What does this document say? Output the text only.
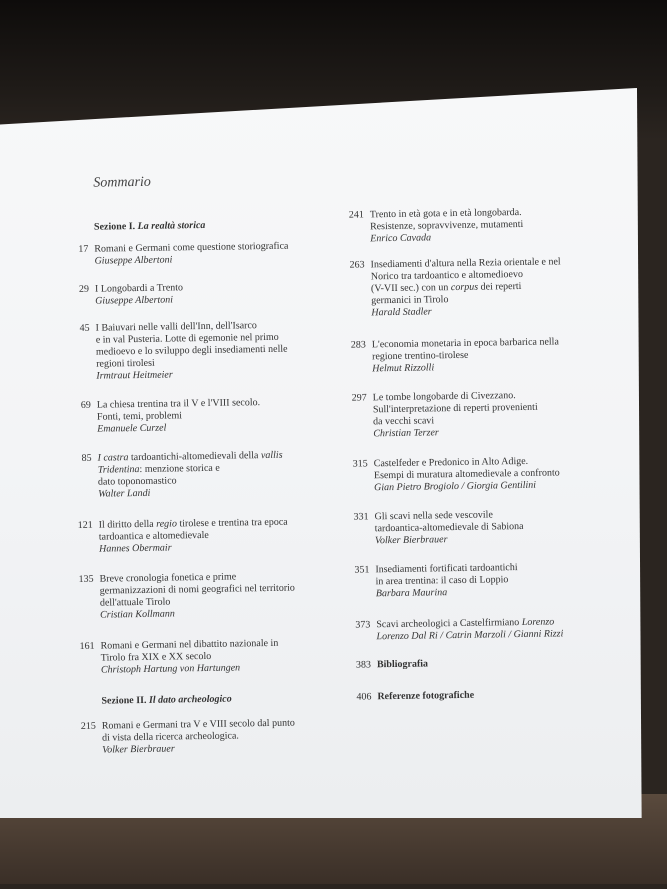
Sommario
Sezione I. La realtà storica
17 Romani e Germani come questione storiografica
Giuseppe Albertoni
29 I Longobardi a Trento
Giuseppe Albertoni
45 I Baiuvari nelle valli dell'Inn, dell'Isarco
e in val Pusteria. Lotte di egemonie nel primo
medioevo e lo sviluppo degli insediamenti nelle
regioni tirolesi
Irmtraut Heitmeier
69 La chiesa trentina tra il V e l'VIII secolo.
Fonti, temi, problemi
Emanuele Curzel
85 I castra tardoantichi-altomedievali della vallis
Tridentina: menzione storica e
dato toponomastico
Walter Landi
121 Il diritto della regio tirolese e trentina tra epoca
tardoantica e altomedievale
Hannes Obermair
135 Breve cronologia fonetica e prime
germanizzazioni di nomi geografici nel territorio
dell'attuale Tirolo
Cristian Kollmann
161 Romani e Germani nel dibattito nazionale in
Tirolo fra XIX e XX secolo
Christoph Hartung von Hartungen
Sezione II. Il dato archeologico
215 Romani e Germani tra V e VIII secolo dal punto
di vista della ricerca archeologica.
Volker Bierbrauer
241 Trento in età gota e in età longobarda.
Resistenze, sopravvivenze, mutamenti
Enrico Cavada
263 Insediamenti d'altura nella Rezia orientale e nel
Norico tra tardoantico e altomedioevo
(V-VII sec.) con un corpus dei reperti
germanici in Tirolo
Harald Stadler
283 L'economia monetaria in epoca barbarica nella
regione trentino-tirolese
Helmut Rizzolli
297 Le tombe longobarde di Civezzano.
Sull'interpretazione di reperti provenienti
da vecchi scavi
Christian Terzer
315 Castelfeder e Predonico in Alto Adige.
Esempi di muratura altomedievale a confronto
Gian Pietro Brogiolo / Giorgia Gentilini
331 Gli scavi nella sede vescovile
tardoantica-altomedievale di Sabiona
Volker Bierbrauer
351 Insediamenti fortificati tardoantichi
in area trentina: il caso di Loppio
Barbara Maurina
373 Scavi archeologici a Castelfirmiano Lorenzo
Lorenzo Dal Ri / Catrin Marzoli / Gianni Rizzi
383 Bibliografia
406 Referenze fotografiche
